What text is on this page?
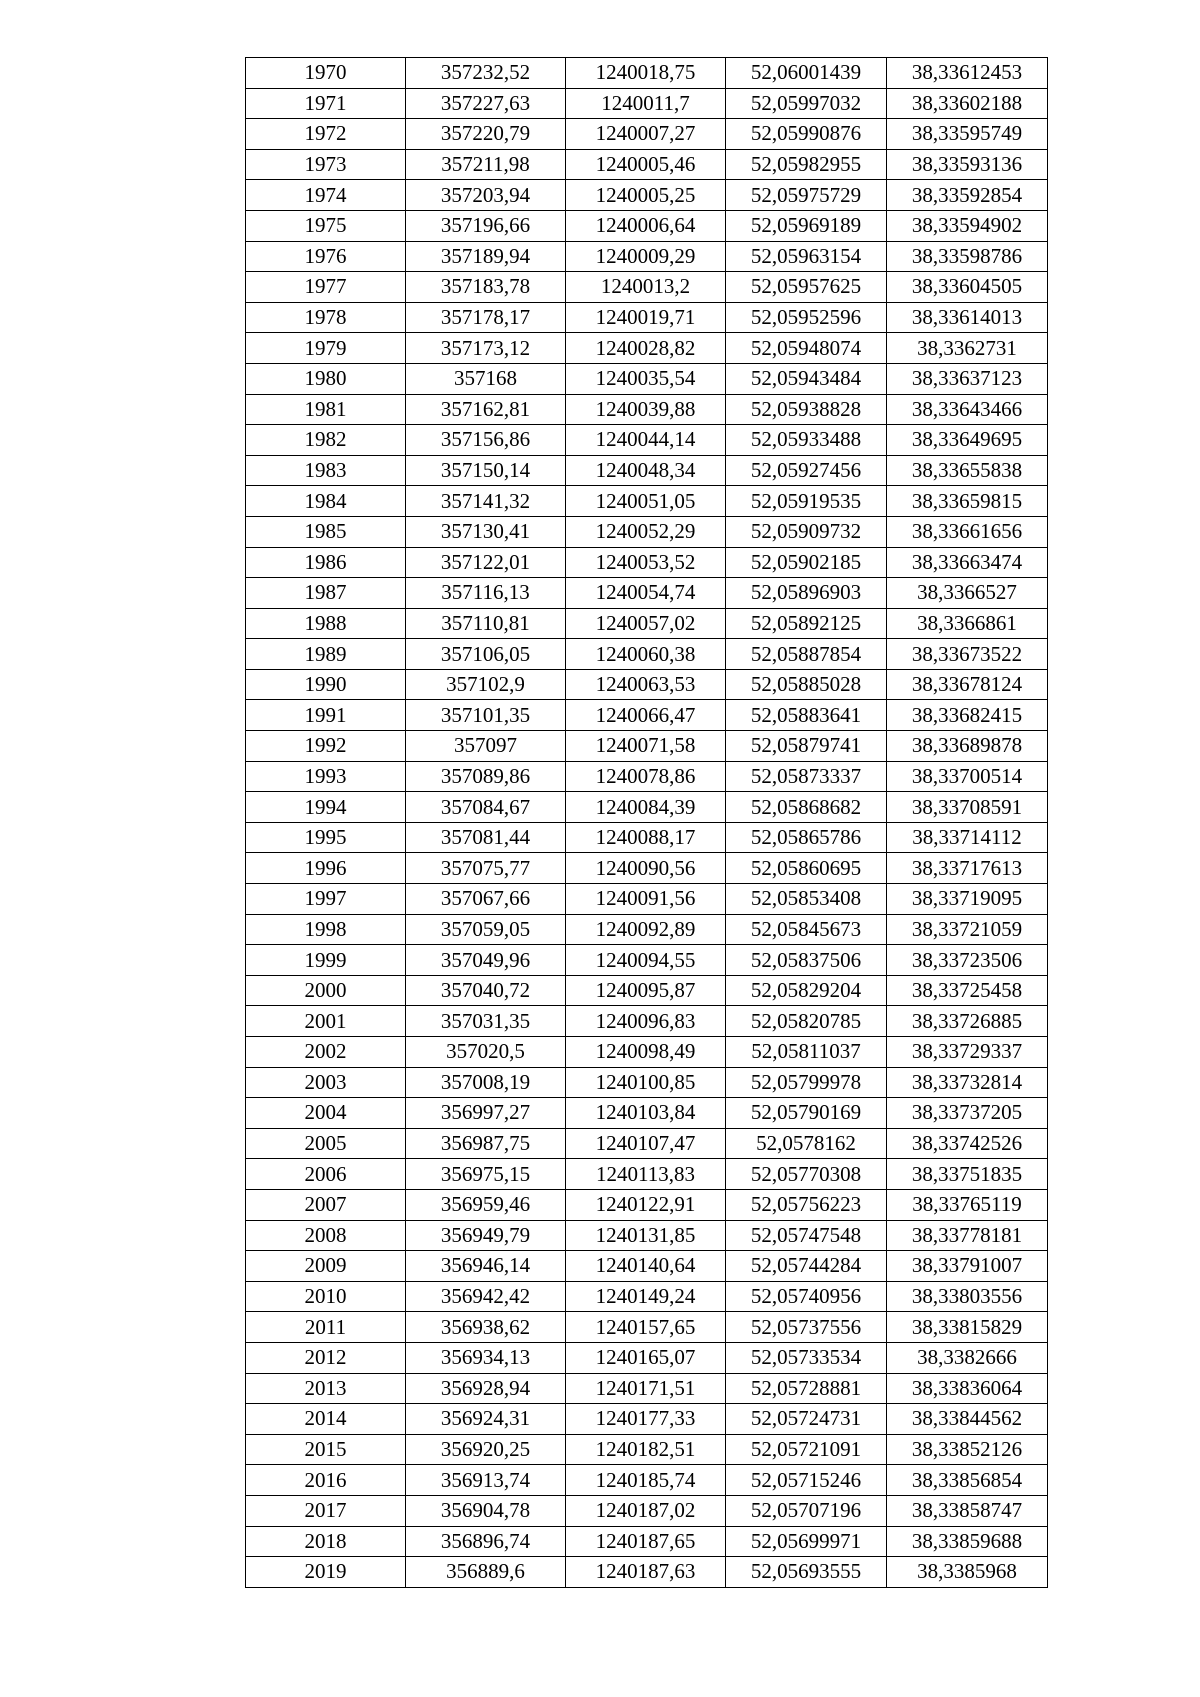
1970	357232,52	1240018,75	52,06001439	38,33612453
1971	357227,63	1240011,7	52,05997032	38,33602188
1972	357220,79	1240007,27	52,05990876	38,33595749
1973	357211,98	1240005,46	52,05982955	38,33593136
1974	357203,94	1240005,25	52,05975729	38,33592854
1975	357196,66	1240006,64	52,05969189	38,33594902
1976	357189,94	1240009,29	52,05963154	38,33598786
1977	357183,78	1240013,2	52,05957625	38,33604505
1978	357178,17	1240019,71	52,05952596	38,33614013
1979	357173,12	1240028,82	52,05948074	38,3362731
1980	357168	1240035,54	52,05943484	38,33637123
1981	357162,81	1240039,88	52,05938828	38,33643466
1982	357156,86	1240044,14	52,05933488	38,33649695
1983	357150,14	1240048,34	52,05927456	38,33655838
1984	357141,32	1240051,05	52,05919535	38,33659815
1985	357130,41	1240052,29	52,05909732	38,33661656
1986	357122,01	1240053,52	52,05902185	38,33663474
1987	357116,13	1240054,74	52,05896903	38,3366527
1988	357110,81	1240057,02	52,05892125	38,3366861
1989	357106,05	1240060,38	52,05887854	38,33673522
1990	357102,9	1240063,53	52,05885028	38,33678124
1991	357101,35	1240066,47	52,05883641	38,33682415
1992	357097	1240071,58	52,05879741	38,33689878
1993	357089,86	1240078,86	52,05873337	38,33700514
1994	357084,67	1240084,39	52,05868682	38,33708591
1995	357081,44	1240088,17	52,05865786	38,33714112
1996	357075,77	1240090,56	52,05860695	38,33717613
1997	357067,66	1240091,56	52,05853408	38,33719095
1998	357059,05	1240092,89	52,05845673	38,33721059
1999	357049,96	1240094,55	52,05837506	38,33723506
2000	357040,72	1240095,87	52,05829204	38,33725458
2001	357031,35	1240096,83	52,05820785	38,33726885
2002	357020,5	1240098,49	52,05811037	38,33729337
2003	357008,19	1240100,85	52,05799978	38,33732814
2004	356997,27	1240103,84	52,05790169	38,33737205
2005	356987,75	1240107,47	52,0578162	38,33742526
2006	356975,15	1240113,83	52,05770308	38,33751835
2007	356959,46	1240122,91	52,05756223	38,33765119
2008	356949,79	1240131,85	52,05747548	38,33778181
2009	356946,14	1240140,64	52,05744284	38,33791007
2010	356942,42	1240149,24	52,05740956	38,33803556
2011	356938,62	1240157,65	52,05737556	38,33815829
2012	356934,13	1240165,07	52,05733534	38,3382666
2013	356928,94	1240171,51	52,05728881	38,33836064
2014	356924,31	1240177,33	52,05724731	38,33844562
2015	356920,25	1240182,51	52,05721091	38,33852126
2016	356913,74	1240185,74	52,05715246	38,33856854
2017	356904,78	1240187,02	52,05707196	38,33858747
2018	356896,74	1240187,65	52,05699971	38,33859688
2019	356889,6	1240187,63	52,05693555	38,3385968
